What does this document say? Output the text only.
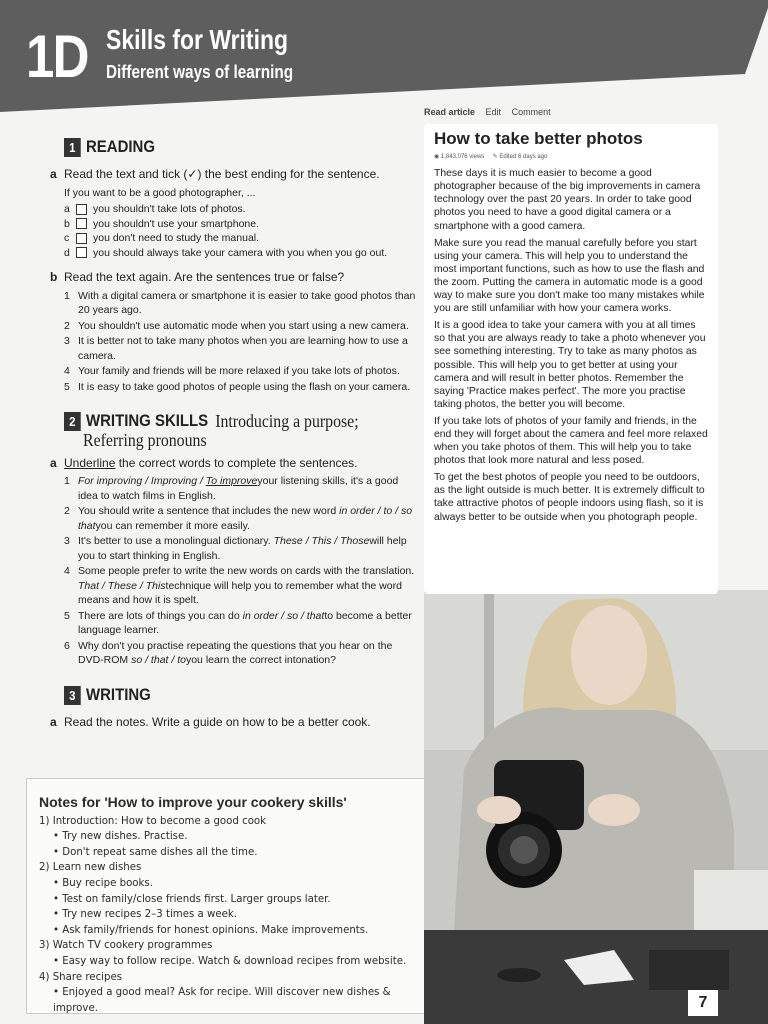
1D Skills for Writing
Different ways of learning
1 READING
a Read the text and tick (✓) the best ending for the sentence.
If you want to be a good photographer, ...
a	you shouldn't take lots of photos.
b	you shouldn't use your smartphone.
c	you don't need to study the manual.
d	you should always take your camera with you when you go out.
b Read the text again. Are the sentences true or false?
1 With a digital camera or smartphone it is easier to take good photos than 20 years ago.
2 You shouldn't use automatic mode when you start using a new camera.
3 It is better not to take many photos when you are learning how to use a camera.
4 Your family and friends will be more relaxed if you take lots of photos.
5 It is easy to take good photos of people using the flash on your camera.
2 WRITING SKILLS Introducing a purpose;
Referring pronouns
a Underline the correct words to complete the sentences.
1 For improving / Improving / To improveyour listening skills, it's a good idea to watch films in English.
2 You should write a sentence that includes the new word in order / to / so thatyou can remember it more easily.
3 It's better to use a monolingual dictionary. These / This / Thosewill help you to start thinking in English.
4 Some people prefer to write the new words on cards with the translation. That / These / Thistechnique will help you to remember what the word means and how it is spelt.
5 There are lots of things you can do in order / so / thatto become a better language learner.
6 Why don't you practise repeating the questions that you hear on the DVD-ROM so / that / toyou learn the correct intonation?
3 WRITING
a Read the notes. Write a guide on how to be a better cook.
Notes for 'How to improve your cookery skills'
1) Introduction: How to become a good cook
• Try new dishes. Practise.
• Don't repeat same dishes all the time.
2) Learn new dishes
• Buy recipe books.
• Test on family/close friends first. Larger groups later.
• Try new recipes 2–3 times a week.
• Ask family/friends for honest opinions. Make improvements.
3) Watch TV cookery programmes
• Easy way to follow recipe. Watch & download recipes from website.
4) Share recipes
• Enjoyed a good meal? Ask for recipe. Will discover new dishes & improve.
Read article Edit Comment
How to take better photos
◉ 1,843,076 views ✎ Edited 6 days ago

These days it is much easier to become a good photographer because of the big improvements in camera technology over the past 20 years. In order to take good photos you need to have a good digital camera or a smartphone with a good camera.

Make sure you read the manual carefully before you start using your camera. This will help you to understand the most important functions, such as how to use the flash and the zoom. Putting the camera in automatic mode is a good way to make sure you don't make too many mistakes while you are still unfamiliar with how your camera works.

It is a good idea to take your camera with you at all times so that you are always ready to take a photo whenever you see something interesting. Try to take as many photos as possible. This will help you to get better at using your camera and will result in better photos. Remember the saying 'Practice makes perfect'. The more you practise taking photos, the better you will become.

If you take lots of photos of your family and friends, in the end they will forget about the camera and feel more relaxed when you take photos of them. This will help you to take photos that look more natural and less posed.

To get the best photos of people you need to be outdoors, as the light outside is much better. It is extremely difficult to take attractive photos of people indoors using flash, so it is always better to be outside when you photograph people.

7
